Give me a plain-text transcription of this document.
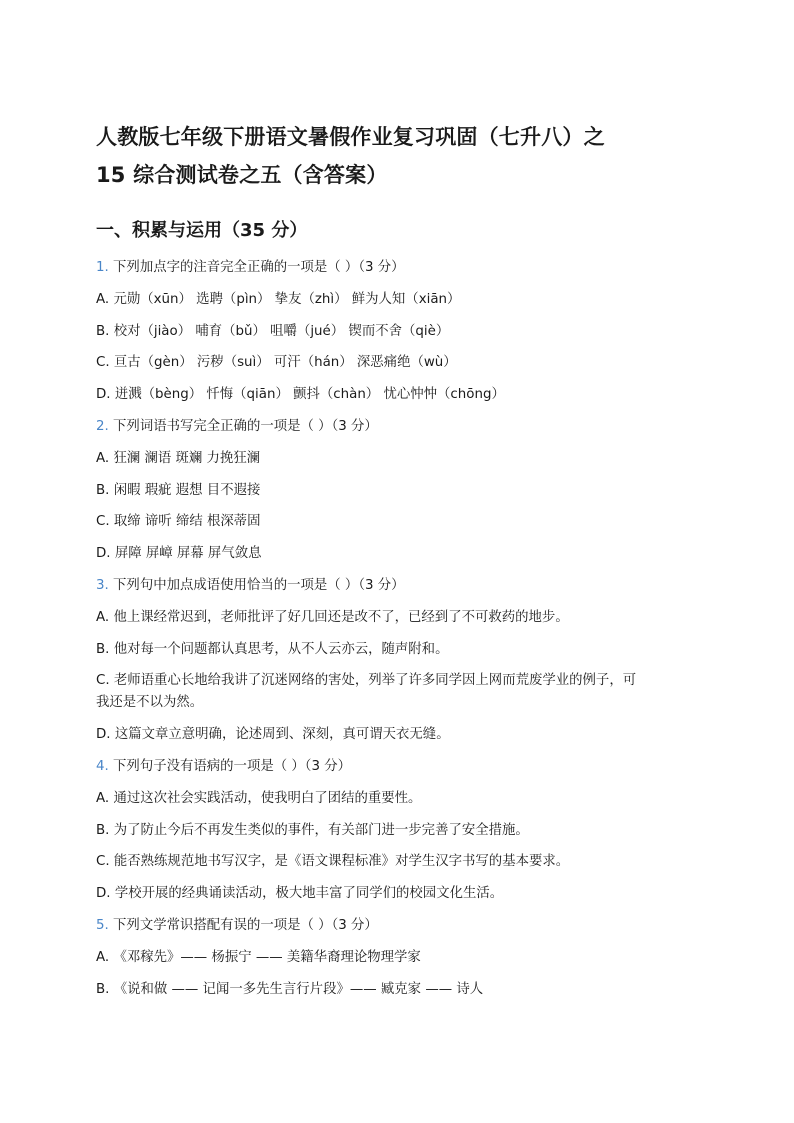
人教版七年级下册语文暑假作业复习巩固（七升八）之
15 综合测试卷之五（含答案）
一、积累与运用（35 分）

1. 下列加点字的注音完全正确的一项是（ ）（3 分）

A. 元勋（xūn） 选聘（pìn） 挚友（zhì） 鲜为人知（xiān）

B. 校对（jiào） 哺育（bǔ） 咀嚼（jué） 锲而不舍（qiè）

C. 亘古（gèn） 污秽（suì） 可汗（hán） 深恶痛绝（wù）

D. 迸溅（bèng） 忏悔（qiān） 颤抖（chàn） 忧心忡忡（chōng）

2. 下列词语书写完全正确的一项是（ ）（3 分）

A. 狂澜 澜语 斑斓 力挽狂澜

B. 闲暇 瑕疵 遐想 目不遐接

C. 取缔 谛听 缔结 根深蒂固

D. 屏障 屏嶂 屏幕 屏气敛息

3. 下列句中加点成语使用恰当的一项是（ ）（3 分）

A. 他上课经常迟到，老师批评了好几回还是改不了，已经到了不可救药的地步。

B. 他对每一个问题都认真思考，从不人云亦云，随声附和。

C. 老师语重心长地给我讲了沉迷网络的害处，列举了许多同学因上网而荒废学业的例子，可

我还是不以为然。

D. 这篇文章立意明确，论述周到、深刻，真可谓天衣无缝。

4. 下列句子没有语病的一项是（ ）（3 分）

A. 通过这次社会实践活动，使我明白了团结的重要性。

B. 为了防止今后不再发生类似的事件，有关部门进一步完善了安全措施。

C. 能否熟练规范地书写汉字，是《语文课程标准》对学生汉字书写的基本要求。

D. 学校开展的经典诵读活动，极大地丰富了同学们的校园文化生活。

5. 下列文学常识搭配有误的一项是（ ）（3 分）

A. 《邓稼先》—— 杨振宁 —— 美籍华裔理论物理学家

B. 《说和做 —— 记闻一多先生言行片段》—— 臧克家 —— 诗人
